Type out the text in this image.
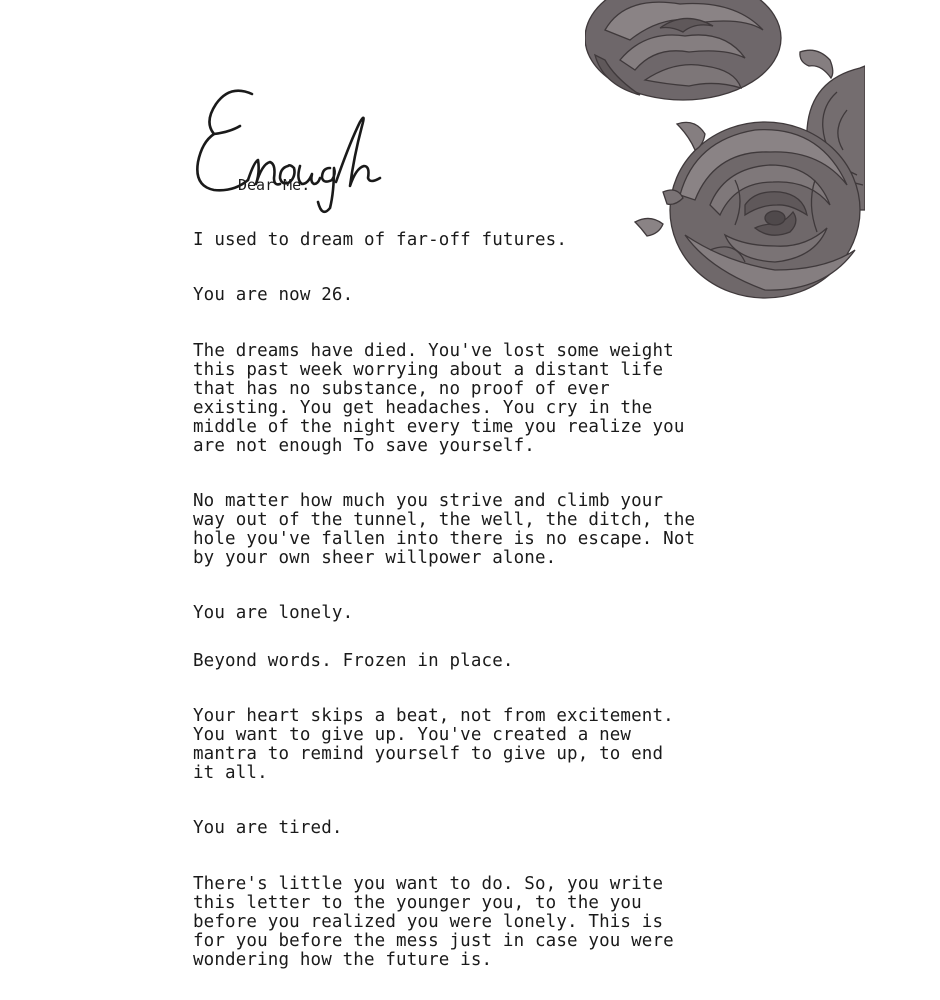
Dear Me.

I used to dream of far-off futures.

You are now 26.

The dreams have died. You've lost some weight
this past week worrying about a distant life
that has no substance, no proof of ever
existing. You get headaches. You cry in the
middle of the night every time you realize you
are not enough To save yourself.

No matter how much you strive and climb your
way out of the tunnel, the well, the ditch, the
hole you've fallen into there is no escape. Not
by your own sheer willpower alone.

You are lonely.

Beyond words. Frozen in place.

Your heart skips a beat, not from excitement.
You want to give up. You've created a new
mantra to remind yourself to give up, to end
it all.

You are tired.

There's little you want to do. So, you write
this letter to the younger you, to the you
before you realized you were lonely. This is
for you before the mess just in case you were
wondering how the future is.
